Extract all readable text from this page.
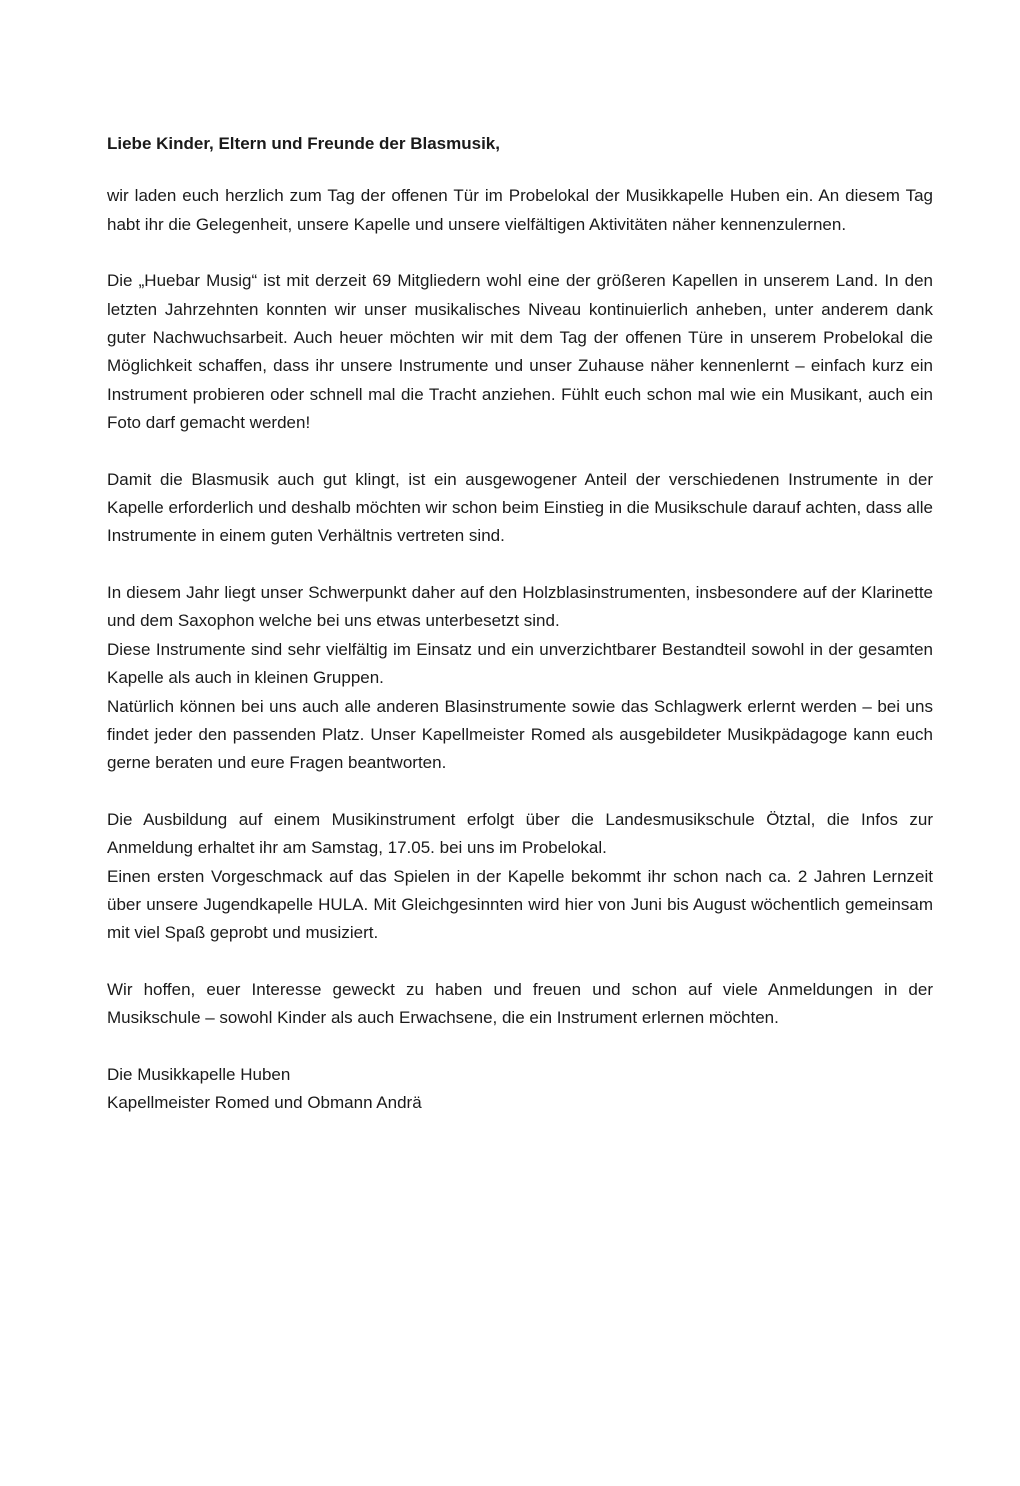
Liebe Kinder, Eltern und Freunde der Blasmusik,

wir laden euch herzlich zum Tag der offenen Tür im Probelokal der Musikkapelle Huben ein. An diesem Tag habt ihr die Gelegenheit, unsere Kapelle und unsere vielfältigen Aktivitäten näher kennenzulernen.

Die „Huebar Musig“ ist mit derzeit 69 Mitgliedern wohl eine der größeren Kapellen in unserem Land. In den letzten Jahrzehnten konnten wir unser musikalisches Niveau kontinuierlich anheben, unter anderem dank guter Nachwuchsarbeit. Auch heuer möchten wir mit dem Tag der offenen Türe in unserem Probelokal die Möglichkeit schaffen, dass ihr unsere Instrumente und unser Zuhause näher kennenlernt – einfach kurz ein Instrument probieren oder schnell mal die Tracht anziehen. Fühlt euch schon mal wie ein Musikant, auch ein Foto darf gemacht werden!

Damit die Blasmusik auch gut klingt, ist ein ausgewogener Anteil der verschiedenen Instrumente in der Kapelle erforderlich und deshalb möchten wir schon beim Einstieg in die Musikschule darauf achten, dass alle Instrumente in einem guten Verhältnis vertreten sind.

In diesem Jahr liegt unser Schwerpunkt daher auf den Holzblasinstrumenten, insbesondere auf der Klarinette und dem Saxophon welche bei uns etwas unterbesetzt sind.
Diese Instrumente sind sehr vielfältig im Einsatz und ein unverzichtbarer Bestandteil sowohl in der gesamten Kapelle als auch in kleinen Gruppen.
Natürlich können bei uns auch alle anderen Blasinstrumente sowie das Schlagwerk erlernt werden – bei uns findet jeder den passenden Platz. Unser Kapellmeister Romed als ausgebildeter Musikpädagoge kann euch gerne beraten und eure Fragen beantworten.

Die Ausbildung auf einem Musikinstrument erfolgt über die Landesmusikschule Ötztal, die Infos zur Anmeldung erhaltet ihr am Samstag, 17.05. bei uns im Probelokal.
Einen ersten Vorgeschmack auf das Spielen in der Kapelle bekommt ihr schon nach ca. 2 Jahren Lernzeit über unsere Jugendkapelle HULA. Mit Gleichgesinnten wird hier von Juni bis August wöchentlich gemeinsam mit viel Spaß geprobt und musiziert.

Wir hoffen, euer Interesse geweckt zu haben und freuen und schon auf viele Anmeldungen in der Musikschule – sowohl Kinder als auch Erwachsene, die ein Instrument erlernen möchten.

Die Musikkapelle Huben
Kapellmeister Romed und Obmann Andrä
